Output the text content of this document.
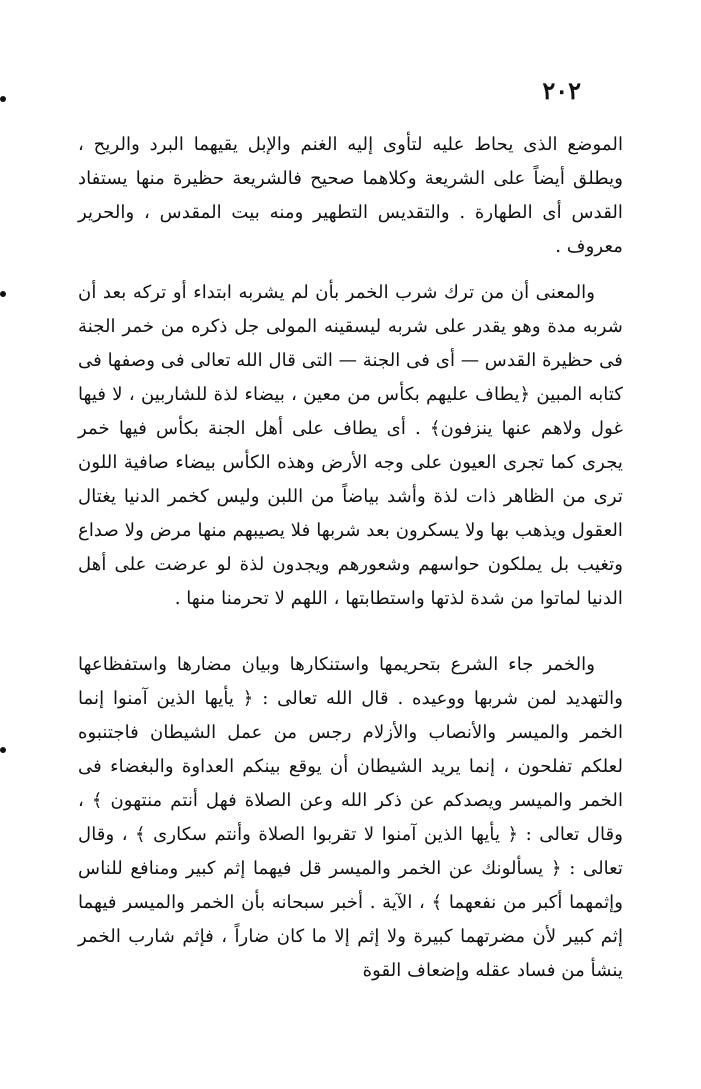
٢٠٢

الموضع الذى يحاط عليه لتأوى إليه الغنم والإبل يقيهما البرد والريح ، ويطلق أيضاً على الشريعة وكلاهما صحيح فالشريعة حظيرة منها يستفاد القدس أى الطهارة . والتقديس التطهير ومنه بيت المقدس ، والحرير معروف .

والمعنى أن من ترك شرب الخمر بأن لم يشربه ابتداء أو تركه بعد أن شربه مدة وهو يقدر على شربه ليسقينه المولى جل ذكره من خمر الجنة فى حظيرة القدس — أى فى الجنة — التى قال الله تعالى فى وصفها فى كتابه المبين ﴿يطاف عليهم بكأس من معين ، بيضاء لذة للشاربين ، لا فيها غول ولاهم عنها ينزفون﴾ . أى يطاف على أهل الجنة بكأس فيها خمر يجرى كما تجرى العيون على وجه الأرض وهذه الكأس بيضاء صافية اللون ترى من الظاهر ذات لذة وأشد بياضاً من اللبن وليس كخمر الدنيا يغتال العقول ويذهب بها ولا يسكرون بعد شربها فلا يصيبهم منها مرض ولا صداع وتغيب بل يملكون حواسهم وشعورهم ويجدون لذة لو عرضت على أهل الدنيا لماتوا من شدة لذتها واستطابتها ، اللهم لا تحرمنا منها .

والخمر جاء الشرع بتحريمها واستنكارها وبيان مضارها واستفظاعها والتهديد لمن شربها ووعيده . قال الله تعالى : ﴿ يأيها الذين آمنوا إنما الخمر والميسر والأنصاب والأزلام رجس من عمل الشيطان فاجتنبوه لعلكم تفلحون ، إنما يريد الشيطان أن يوقع بينكم العداوة والبغضاء فى الخمر والميسر ويصدكم عن ذكر الله وعن الصلاة فهل أنتم منتهون ﴾ ، وقال تعالى : ﴿ يأيها الذين آمنوا لا تقربوا الصلاة وأنتم سكارى ﴾ ، وقال تعالى : ﴿ يسألونك عن الخمر والميسر قل فيهما إثم كبير ومنافع للناس وإثمهما أكبر من نفعهما ﴾ ، الآية . أخبر سبحانه بأن الخمر والميسر فيهما إثم كبير لأن مضرتهما كبيرة ولا إثم إلا ما كان ضاراً ، فإثم شارب الخمر ينشأ من فساد عقله وإضعاف القوة
